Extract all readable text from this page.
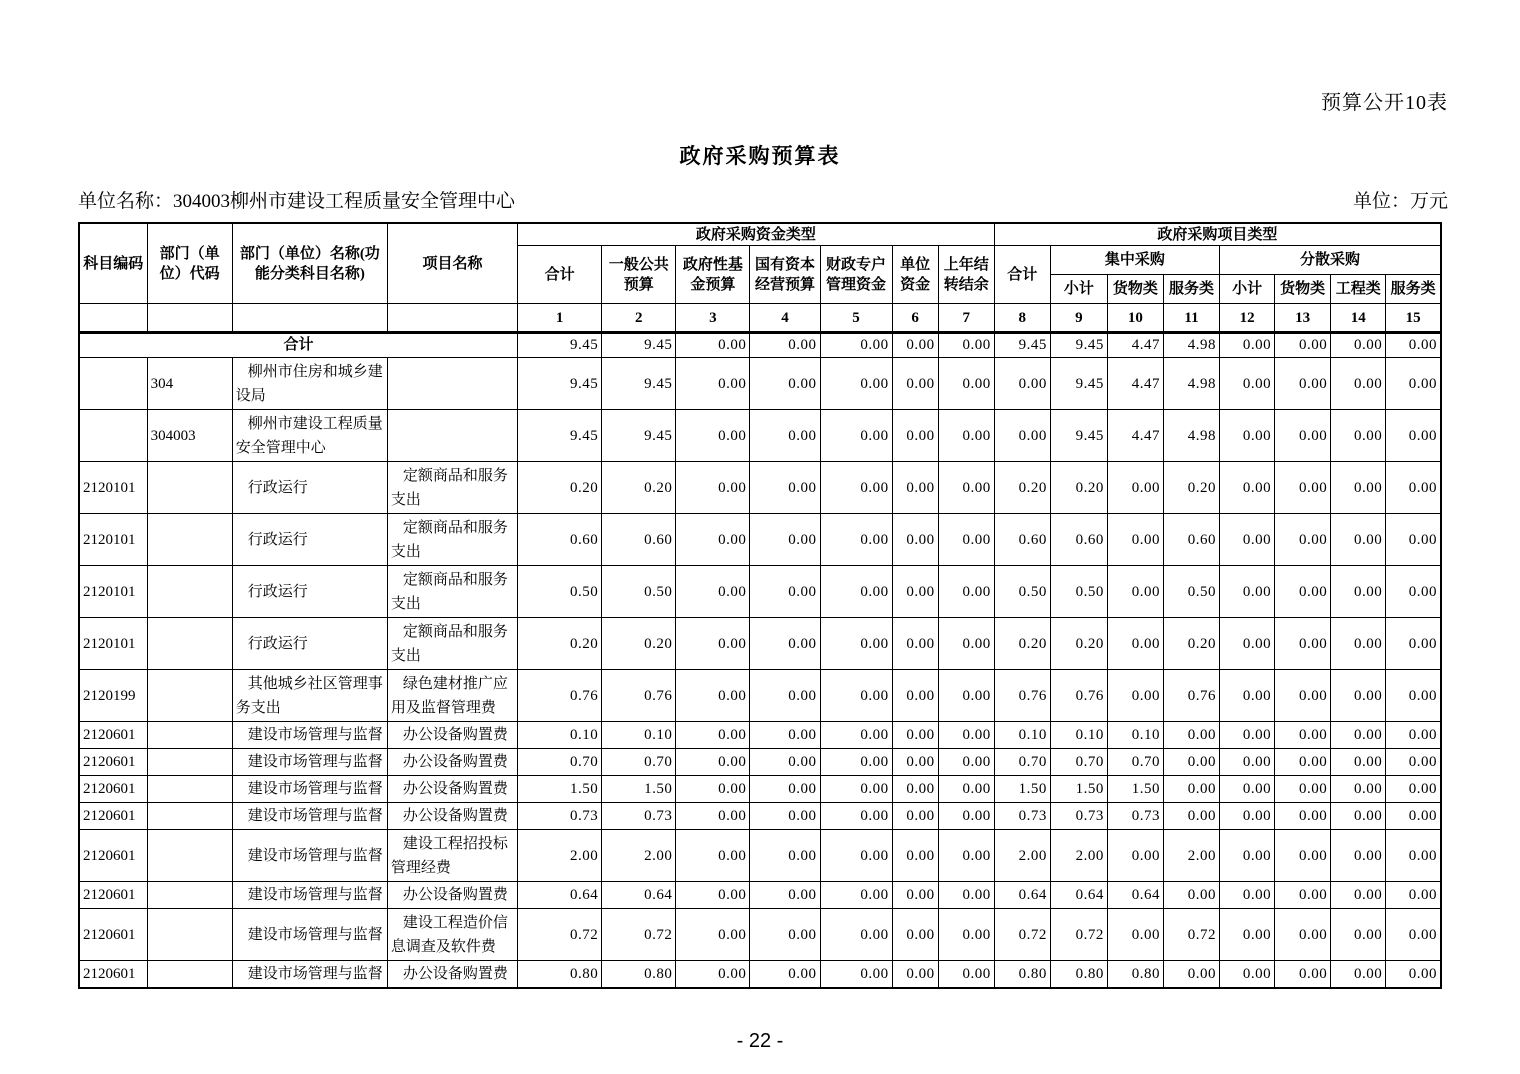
预算公开10表
政府采购预算表
单位名称：304003柳州市建设工程质量安全管理中心	单位：万元
科目编码	部门（单位）代码	部门（单位）名称(功能分类科目名称)	项目名称	政府采购资金类型							政府采购项目类型							
				合计	一般公共预算	政府性基金预算	国有资本经营预算	财政专户管理资金	单位资金	上年结转结余	合计	集中采购			分散采购			
												小计	货物类	服务类	小计	货物类	工程类	服务类
				1	2	3	4	5	6	7	8	9	10	11	12	13	14	15
合计				9.45	9.45	0.00	0.00	0.00	0.00	0.00	9.45	9.45	4.47	4.98	0.00	0.00	0.00	0.00
	304	柳州市住房和城乡建设局		9.45	9.45	0.00	0.00	0.00	0.00	0.00	0.00	9.45	4.47	4.98	0.00	0.00	0.00	0.00
	304003	柳州市建设工程质量安全管理中心		9.45	9.45	0.00	0.00	0.00	0.00	0.00	0.00	9.45	4.47	4.98	0.00	0.00	0.00	0.00
2120101		行政运行	定额商品和服务支出	0.20	0.20	0.00	0.00	0.00	0.00	0.00	0.20	0.20	0.00	0.20	0.00	0.00	0.00	0.00
2120101		行政运行	定额商品和服务支出	0.60	0.60	0.00	0.00	0.00	0.00	0.00	0.60	0.60	0.00	0.60	0.00	0.00	0.00	0.00
2120101		行政运行	定额商品和服务支出	0.50	0.50	0.00	0.00	0.00	0.00	0.00	0.50	0.50	0.00	0.50	0.00	0.00	0.00	0.00
2120101		行政运行	定额商品和服务支出	0.20	0.20	0.00	0.00	0.00	0.00	0.00	0.20	0.20	0.00	0.20	0.00	0.00	0.00	0.00
2120199		其他城乡社区管理事务支出	绿色建材推广应用及监督管理费	0.76	0.76	0.00	0.00	0.00	0.00	0.00	0.76	0.76	0.00	0.76	0.00	0.00	0.00	0.00
2120601		建设市场管理与监督	办公设备购置费	0.10	0.10	0.00	0.00	0.00	0.00	0.00	0.10	0.10	0.10	0.00	0.00	0.00	0.00	0.00
2120601		建设市场管理与监督	办公设备购置费	0.70	0.70	0.00	0.00	0.00	0.00	0.00	0.70	0.70	0.70	0.00	0.00	0.00	0.00	0.00
2120601		建设市场管理与监督	办公设备购置费	1.50	1.50	0.00	0.00	0.00	0.00	0.00	1.50	1.50	1.50	0.00	0.00	0.00	0.00	0.00
2120601		建设市场管理与监督	办公设备购置费	0.73	0.73	0.00	0.00	0.00	0.00	0.00	0.73	0.73	0.73	0.00	0.00	0.00	0.00	0.00
2120601		建设市场管理与监督	建设工程招投标管理经费	2.00	2.00	0.00	0.00	0.00	0.00	0.00	2.00	2.00	0.00	2.00	0.00	0.00	0.00	0.00
2120601		建设市场管理与监督	办公设备购置费	0.64	0.64	0.00	0.00	0.00	0.00	0.00	0.64	0.64	0.64	0.00	0.00	0.00	0.00	0.00
2120601		建设市场管理与监督	建设工程造价信息调查及软件费	0.72	0.72	0.00	0.00	0.00	0.00	0.00	0.72	0.72	0.00	0.72	0.00	0.00	0.00	0.00
2120601		建设市场管理与监督	办公设备购置费	0.80	0.80	0.00	0.00	0.00	0.00	0.00	0.80	0.80	0.80	0.00	0.00	0.00	0.00	0.00
- 22 -
